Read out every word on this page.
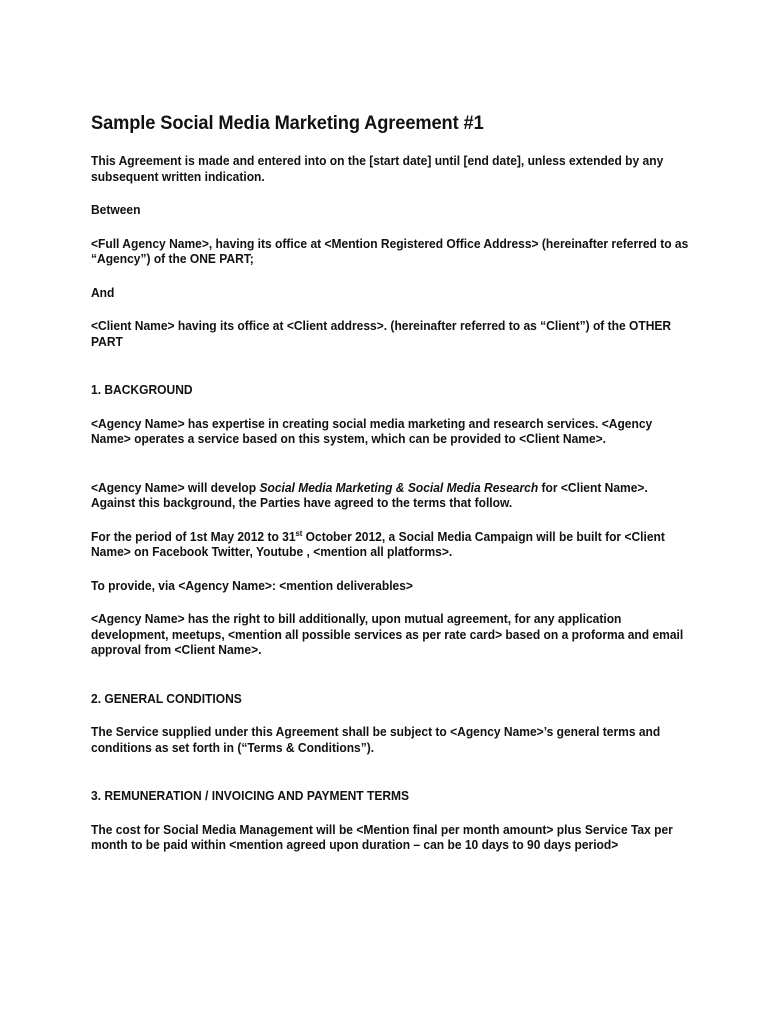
Sample Social Media Marketing Agreement #1

This Agreement is made and entered into on the [start date] until [end date], unless extended by any subsequent written indication.

Between

<Full Agency Name>, having its office at <Mention Registered Office Address> (hereinafter referred to as “Agency”) of the ONE PART;

And

<Client Name> having its office at <Client address>. (hereinafter referred to as “Client”) of the OTHER PART

1. BACKGROUND

<Agency Name> has expertise in creating social media marketing and research services. <Agency Name> operates a service based on this system, which can be provided to <Client Name>.

<Agency Name> will develop Social Media Marketing & Social Media Research for <Client Name>. Against this background, the Parties have agreed to the terms that follow.

For the period of 1st May 2012 to 31st October 2012, a Social Media Campaign will be built for <Client Name> on Facebook Twitter, Youtube , <mention all platforms>.

To provide, via <Agency Name>: <mention deliverables>

<Agency Name> has the right to bill additionally, upon mutual agreement, for any application development, meetups, <mention all possible services as per rate card> based on a proforma and email approval from <Client Name>.

2. GENERAL CONDITIONS

The Service supplied under this Agreement shall be subject to <Agency Name>’s general terms and conditions as set forth in (“Terms & Conditions”).

3. REMUNERATION / INVOICING AND PAYMENT TERMS

The cost for Social Media Management will be <Mention final per month amount> plus Service Tax per month to be paid within <mention agreed upon duration – can be 10 days to 90 days period>
